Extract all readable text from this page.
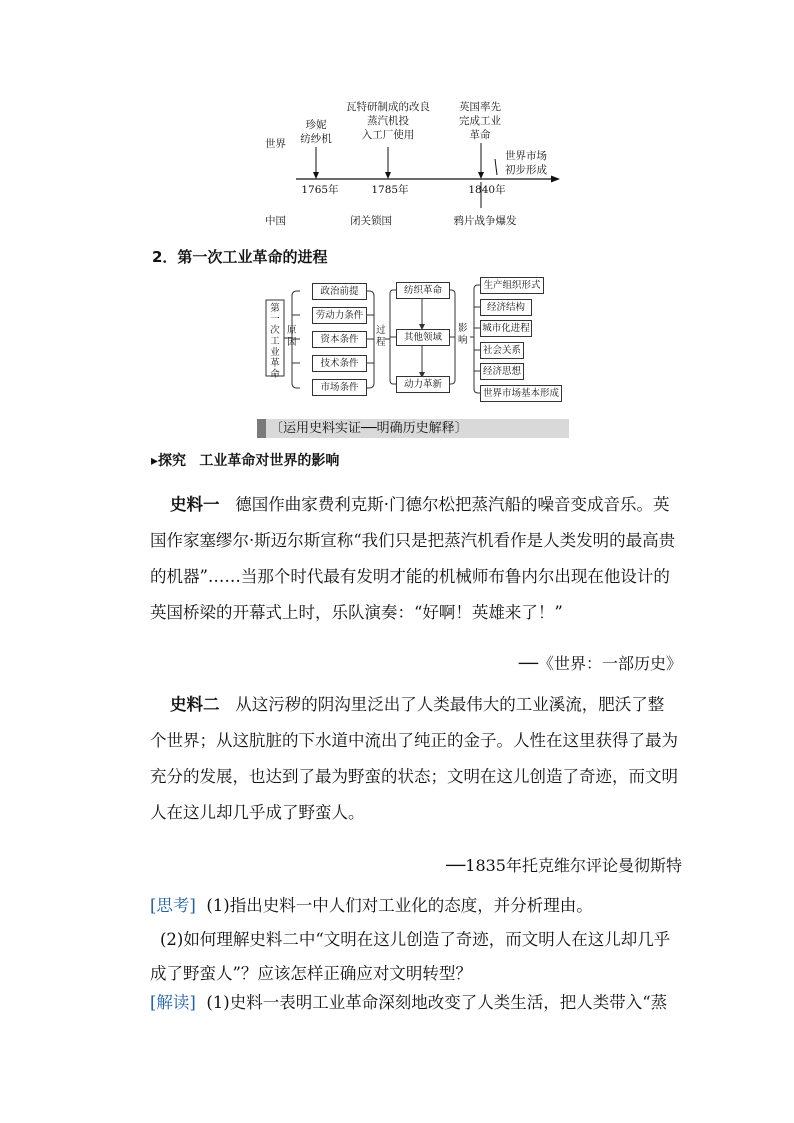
世界
中国
珍妮
纺纱机
瓦特研制成的改良
蒸汽机投
入工厂使用
英国率先
完成工业
革命
世界市场
初步形成
1765年	1785年	1840年
闭关锁国	鸦片战争爆发
2．第一次工业革命的进程
第一次工业革命
原因
政治前提
劳动力条件
资本条件
技术条件
市场条件
过程
纺织革命
其他领域
动力革新
影响
生产组织形式
经济结构
城市化进程
社会关系
经济思想
世界市场基本形成
〔运用史料实证──明确历史解释〕
▸探究 工业革命对世界的影响

史料一 德国作曲家费利克斯·门德尔松把蒸汽船的噪音变成音乐。英国作家塞缪尔·斯迈尔斯宣称“我们只是把蒸汽机看作是人类发明的最高贵的机器”……当那个时代最有发明才能的机械师布鲁内尔出现在他设计的英国桥梁的开幕式上时，乐队演奏：“好啊！英雄来了！”

──《世界：一部历史》

史料二 从这污秽的阴沟里泛出了人类最伟大的工业溪流，肥沃了整个世界；从这肮脏的下水道中流出了纯正的金子。人性在这里获得了最为充分的发展，也达到了最为野蛮的状态；文明在这儿创造了奇迹，而文明人在这儿却几乎成了野蛮人。

──1835年托克维尔评论曼彻斯特
[思考] (1)指出史料一中人们对工业化的态度，并分析理由。
(2)如何理解史料二中“文明在这儿创造了奇迹，而文明人在这儿却几乎成了野蛮人”？应该怎样正确应对文明转型？
[解读] (1)史料一表明工业革命深刻地改变了人类生活，把人类带入“蒸
